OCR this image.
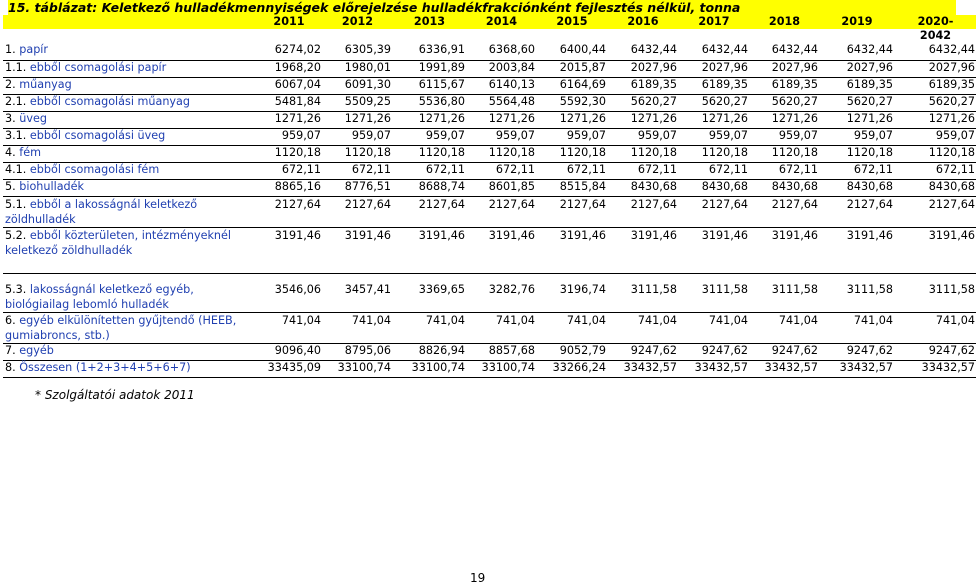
15. táblázat: Keletkező hulladékmennyiségek előrejelzése hulladékfrakciónként fejlesztés nélkül, tonna
	2011	2012	2013	2014	2015	2016	2017	2018	2019	2020-
										2042
1. papír	6274,02	6305,39	6336,91	6368,60	6400,44	6432,44	6432,44	6432,44	6432,44	6432,44
1.1. ebből csomagolási papír	1968,20	1980,01	1991,89	2003,84	2015,87	2027,96	2027,96	2027,96	2027,96	2027,96
2. műanyag	6067,04	6091,30	6115,67	6140,13	6164,69	6189,35	6189,35	6189,35	6189,35	6189,35
2.1. ebből csomagolási műanyag	5481,84	5509,25	5536,80	5564,48	5592,30	5620,27	5620,27	5620,27	5620,27	5620,27
3. üveg	1271,26	1271,26	1271,26	1271,26	1271,26	1271,26	1271,26	1271,26	1271,26	1271,26
3.1. ebből csomagolási üveg	959,07	959,07	959,07	959,07	959,07	959,07	959,07	959,07	959,07	959,07
4. fém	1120,18	1120,18	1120,18	1120,18	1120,18	1120,18	1120,18	1120,18	1120,18	1120,18
4.1. ebből csomagolási fém	672,11	672,11	672,11	672,11	672,11	672,11	672,11	672,11	672,11	672,11
5. biohulladék	8865,16	8776,51	8688,74	8601,85	8515,84	8430,68	8430,68	8430,68	8430,68	8430,68
5.1. ebből a lakosságnál keletkező zöldhulladék	2127,64	2127,64	2127,64	2127,64	2127,64	2127,64	2127,64	2127,64	2127,64	2127,64
5.2. ebből közterületen, intézményeknél keletkező zöldhulladék	3191,46	3191,46	3191,46	3191,46	3191,46	3191,46	3191,46	3191,46	3191,46	3191,46
5.3. lakosságnál keletkező egyéb, biológiailag lebomló hulladék	3546,06	3457,41	3369,65	3282,76	3196,74	3111,58	3111,58	3111,58	3111,58	3111,58
6. egyéb elkülönítetten gyűjtendő (HEEB, gumiabroncs, stb.)	741,04	741,04	741,04	741,04	741,04	741,04	741,04	741,04	741,04	741,04
7. egyéb	9096,40	8795,06	8826,94	8857,68	9052,79	9247,62	9247,62	9247,62	9247,62	9247,62
8. Összesen (1+2+3+4+5+6+7)	33435,09	33100,74	33100,74	33100,74	33266,24	33432,57	33432,57	33432,57	33432,57	33432,57
* Szolgáltatói adatok 2011
19
